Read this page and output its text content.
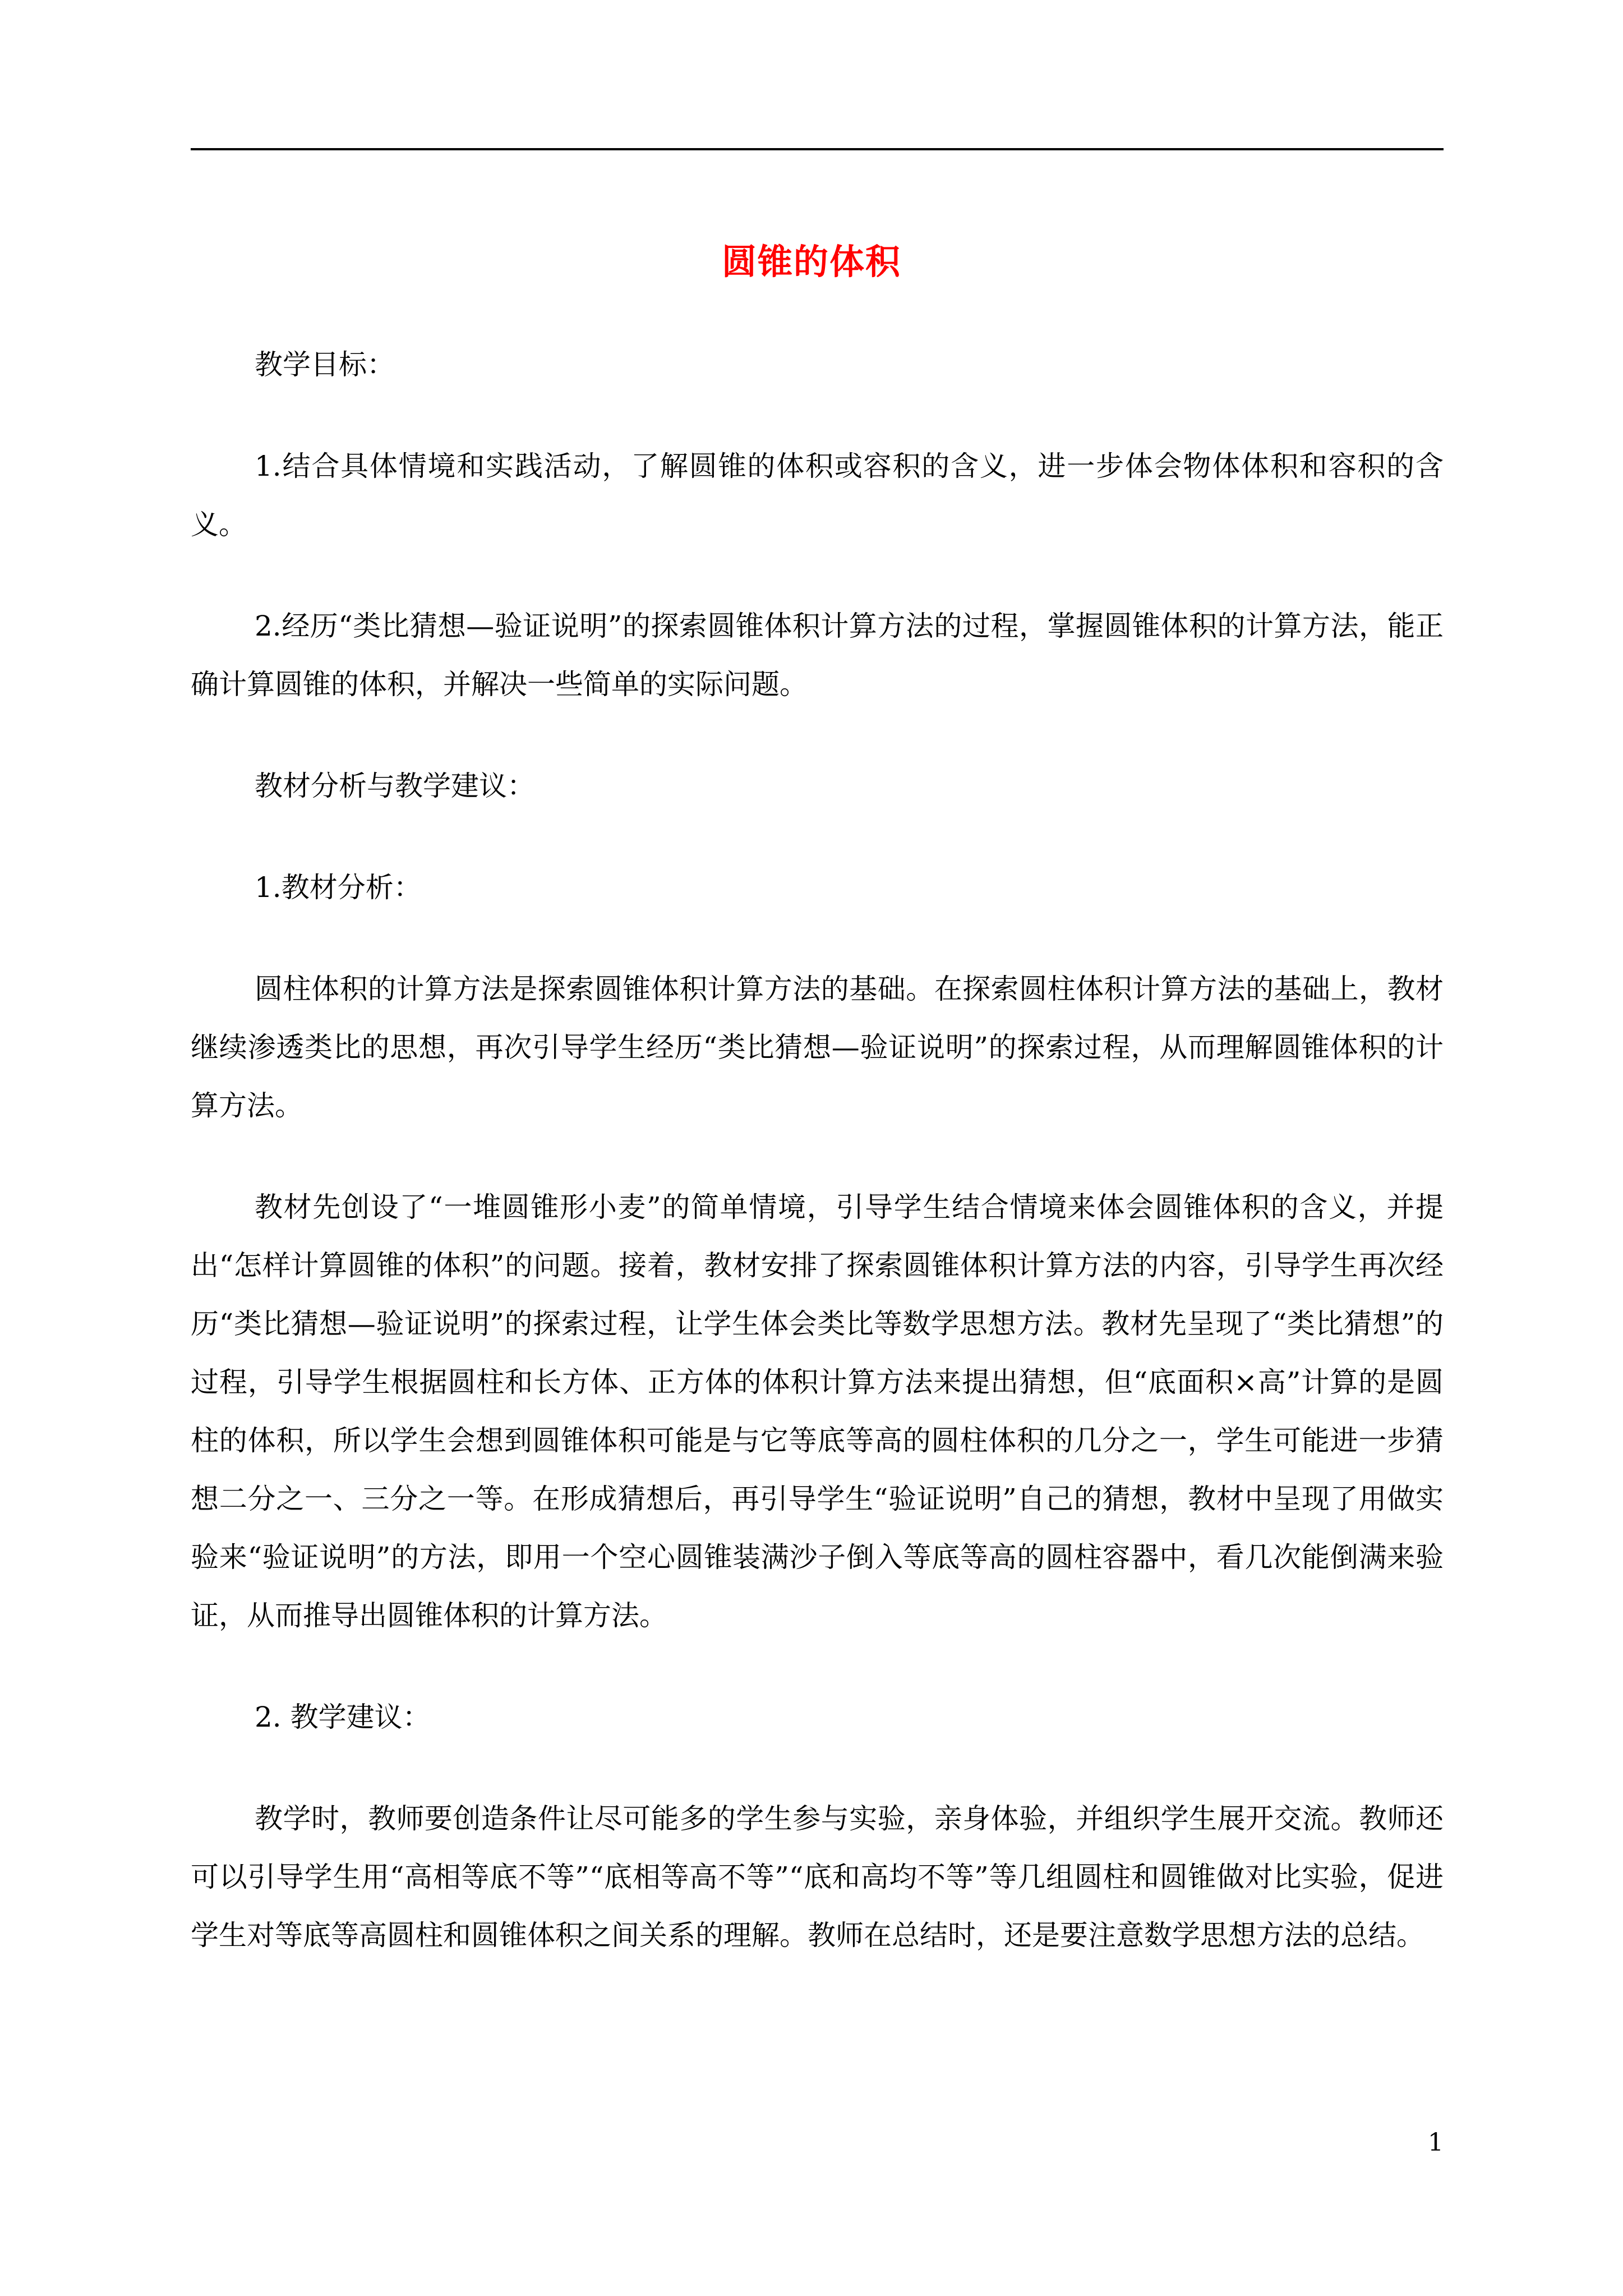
圆锥的体积

教学目标：

1.结合具体情境和实践活动，了解圆锥的体积或容积的含义，进一步体会物体体积和容积的含义。

2.经历“类比猜想—验证说明”的探索圆锥体积计算方法的过程，掌握圆锥体积的计算方法，能正确计算圆锥的体积，并解决一些简单的实际问题。

教材分析与教学建议：

1.教材分析：

圆柱体积的计算方法是探索圆锥体积计算方法的基础。在探索圆柱体积计算方法的基础上，教材继续渗透类比的思想，再次引导学生经历“类比猜想—验证说明”的探索过程，从而理解圆锥体积的计算方法。

教材先创设了“一堆圆锥形小麦”的简单情境，引导学生结合情境来体会圆锥体积的含义，并提出“怎样计算圆锥的体积”的问题。接着，教材安排了探索圆锥体积计算方法的内容，引导学生再次经历“类比猜想—验证说明”的探索过程，让学生体会类比等数学思想方法。教材先呈现了“类比猜想”的过程，引导学生根据圆柱和长方体、正方体的体积计算方法来提出猜想，但“底面积×高”计算的是圆柱的体积，所以学生会想到圆锥体积可能是与它等底等高的圆柱体积的几分之一，学生可能进一步猜想二分之一、三分之一等。在形成猜想后，再引导学生“验证说明”自己的猜想，教材中呈现了用做实验来“验证说明”的方法，即用一个空心圆锥装满沙子倒入等底等高的圆柱容器中，看几次能倒满来验证，从而推导出圆锥体积的计算方法。

2. 教学建议：

教学时，教师要创造条件让尽可能多的学生参与实验，亲身体验，并组织学生展开交流。教师还可以引导学生用“高相等底不等”“底相等高不等”“底和高均不等”等几组圆柱和圆锥做对比实验，促进学生对等底等高圆柱和圆锥体积之间关系的理解。教师在总结时，还是要注意数学思想方法的总结。

1
